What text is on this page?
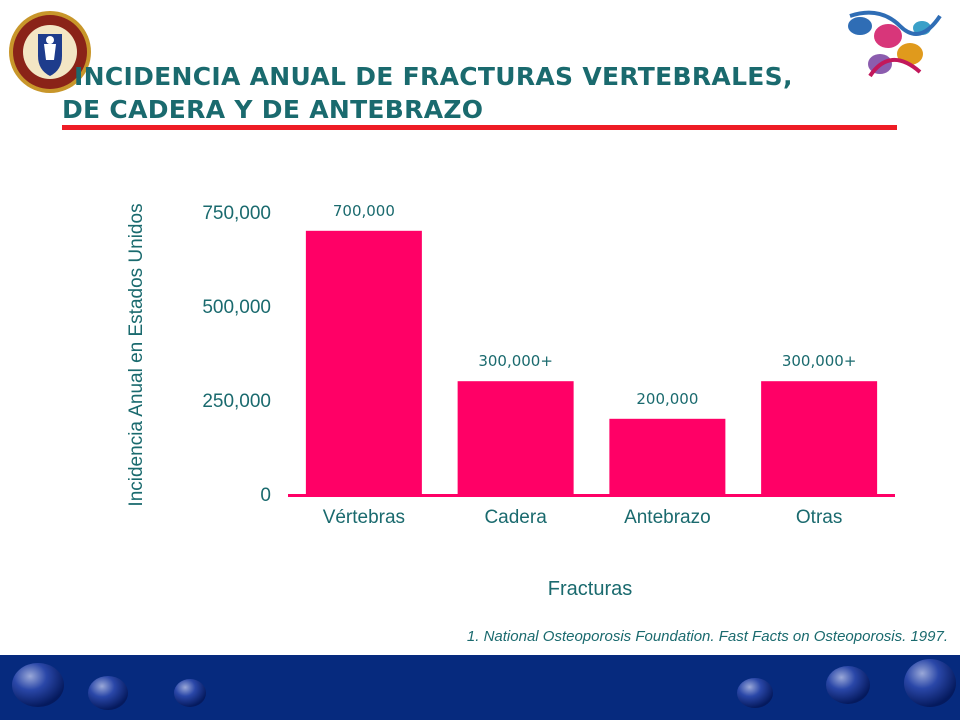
INCIDENCIA ANUAL DE FRACTURAS VERTEBRALES,
DE CADERA Y DE ANTEBRAZO
0
250,000
500,000
750,000	700,000
Vértebras
300,000+
Cadera
200,000
Antebrazo
300,000+
Otras
Incidencia Anual en Estados Unidos
Fracturas
1. National Osteoporosis Foundation. Fast Facts on Osteoporosis. 1997.
